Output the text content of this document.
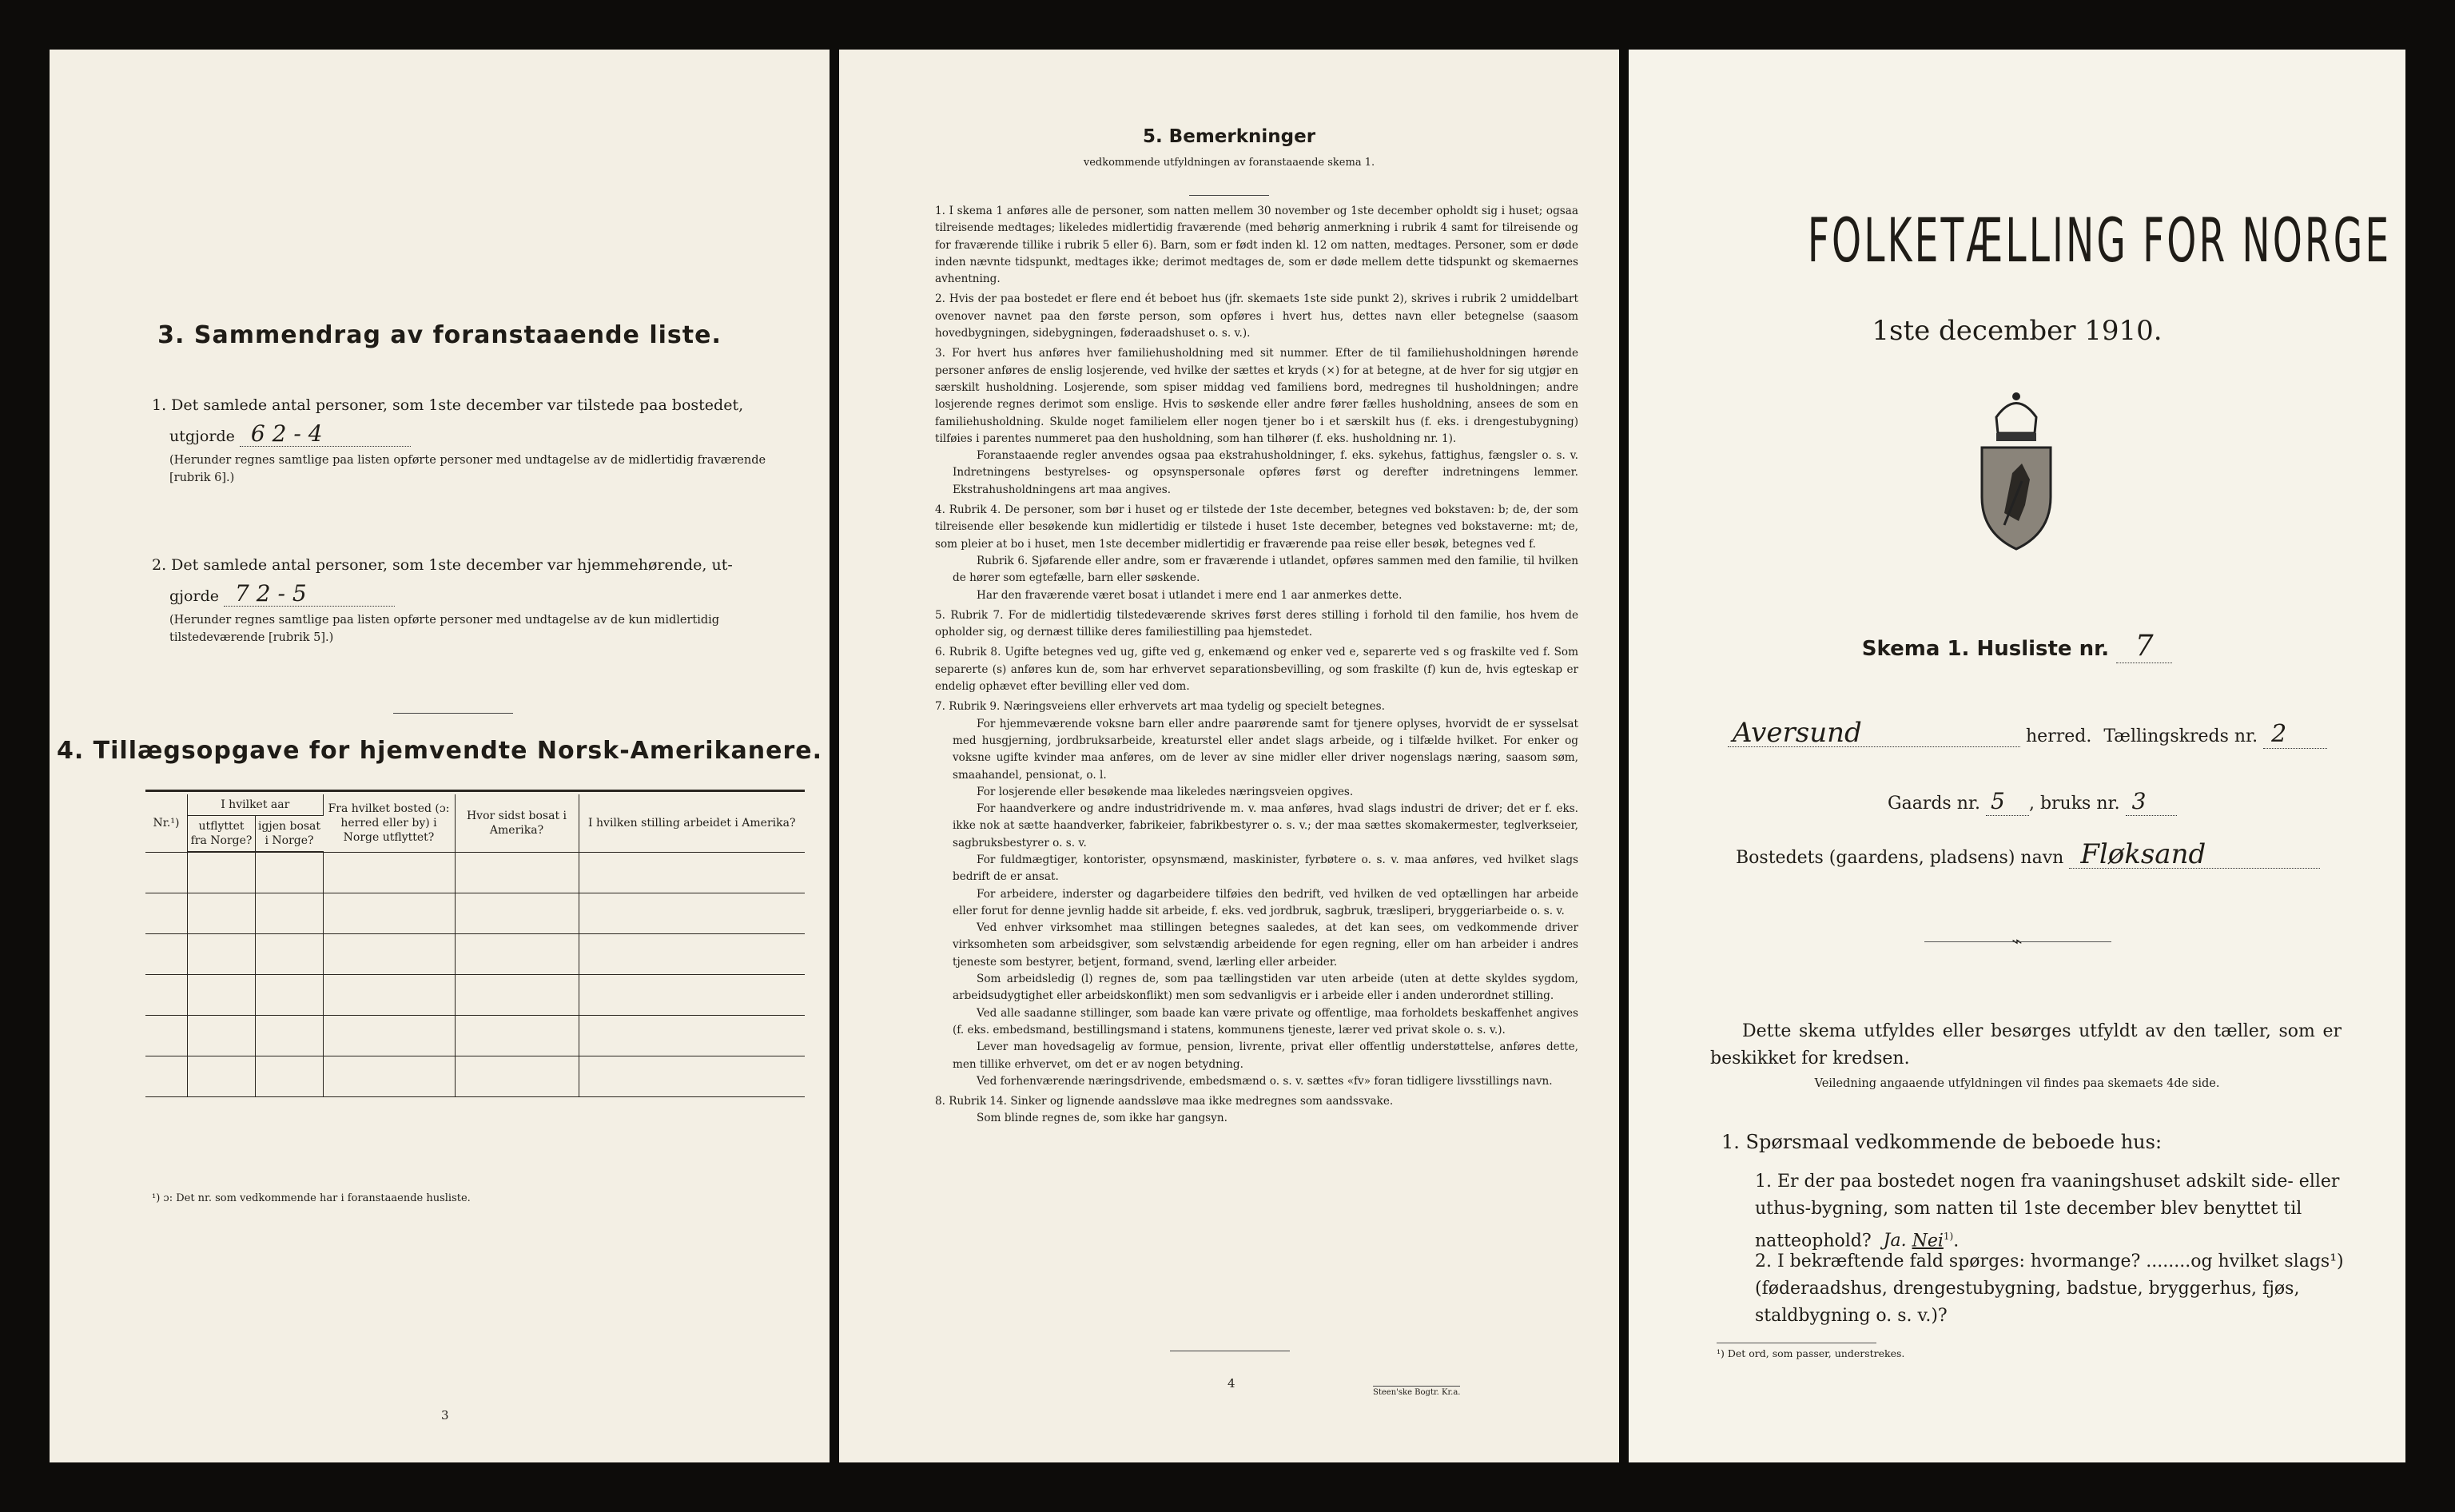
3. Sammendrag av foranstaaende liste.
1. Det samlede antal personer, som 1ste december var tilstede paa bostedet,
utgjorde 6 2 - 4
(Herunder regnes samtlige paa listen opførte personer med undtagelse av de midlertidig fraværende [rubrik 6].)
2. Det samlede antal personer, som 1ste december var hjemmehørende, ut-
gjorde 7 2 - 5
(Herunder regnes samtlige paa listen opførte personer med undtagelse av de kun midlertidig tilstedeværende [rubrik 5].)
4. Tillægsopgave for hjemvendte Norsk-Amerikanere.
Nr.¹)	I hvilket aar		Fra hvilket bosted (ɔ: herred eller by) i Norge utflyttet?	Hvor sidst bosat i Amerika?	I hvilken stilling arbeidet i Amerika?
	utflyttet fra Norge?	igjen bosat i Norge?			

¹) ɔ: Det nr. som vedkommende har i foranstaaende husliste.
3
5. Bemerkninger
vedkommende utfyldningen av foranstaaende skema 1.

1. I skema 1 anføres alle de personer, som natten mellem 30 november og 1ste december opholdt sig i huset; ogsaa tilreisende medtages; likeledes midlertidig fraværende (med behørig anmerkning i rubrik 4 samt for tilreisende og for fraværende tillike i rubrik 5 eller 6). Barn, som er født inden kl. 12 om natten, medtages. Personer, som er døde inden nævnte tidspunkt, medtages ikke; derimot medtages de, som er døde mellem dette tidspunkt og skemaernes avhentning.

2. Hvis der paa bostedet er flere end ét beboet hus (jfr. skemaets 1ste side punkt 2), skrives i rubrik 2 umiddelbart ovenover navnet paa den første person, som opføres i hvert hus, dettes navn eller betegnelse (saasom hovedbygningen, sidebygningen, føderaadshuset o. s. v.).

3. For hvert hus anføres hver familiehusholdning med sit nummer. Efter de til familiehusholdningen hørende personer anføres de enslig losjerende, ved hvilke der sættes et kryds (×) for at betegne, at de hver for sig utgjør en særskilt husholdning. Losjerende, som spiser middag ved familiens bord, medregnes til husholdningen; andre losjerende regnes derimot som enslige. Hvis to søskende eller andre fører fælles husholdning, ansees de som en familiehusholdning. Skulde noget familielem eller nogen tjener bo i et særskilt hus (f. eks. i drengestubygning) tilføies i parentes nummeret paa den husholdning, som han tilhører (f. eks. husholdning nr. 1).

Foranstaaende regler anvendes ogsaa paa ekstrahusholdninger, f. eks. sykehus, fattighus, fængsler o. s. v. Indretningens bestyrelses- og opsynspersonale opføres først og derefter indretningens lemmer. Ekstrahusholdningens art maa angives.

4. Rubrik 4. De personer, som bør i huset og er tilstede der 1ste december, betegnes ved bokstaven: b; de, der som tilreisende eller besøkende kun midlertidig er tilstede i huset 1ste december, betegnes ved bokstaverne: mt; de, som pleier at bo i huset, men 1ste december midlertidig er fraværende paa reise eller besøk, betegnes ved f.

Rubrik 6. Sjøfarende eller andre, som er fraværende i utlandet, opføres sammen med den familie, til hvilken de hører som egtefælle, barn eller søskende.

Har den fraværende været bosat i utlandet i mere end 1 aar anmerkes dette.

5. Rubrik 7. For de midlertidig tilstedeværende skrives først deres stilling i forhold til den familie, hos hvem de opholder sig, og dernæst tillike deres familiestilling paa hjemstedet.

6. Rubrik 8. Ugifte betegnes ved ug, gifte ved g, enkemænd og enker ved e, separerte ved s og fraskilte ved f. Som separerte (s) anføres kun de, som har erhvervet separationsbevilling, og som fraskilte (f) kun de, hvis egteskap er endelig ophævet efter bevilling eller ved dom.

7. Rubrik 9. Næringsveiens eller erhvervets art maa tydelig og specielt betegnes.

For hjemmeværende voksne barn eller andre paarørende samt for tjenere oplyses, hvorvidt de er sysselsat med husgjerning, jordbruksarbeide, kreaturstel eller andet slags arbeide, og i tilfælde hvilket. For enker og voksne ugifte kvinder maa anføres, om de lever av sine midler eller driver nogenslags næring, saasom søm, smaahandel, pensionat, o. l.

For losjerende eller besøkende maa likeledes næringsveien opgives.

For haandverkere og andre industridrivende m. v. maa anføres, hvad slags industri de driver; det er f. eks. ikke nok at sætte haandverker, fabrikeier, fabrikbestyrer o. s. v.; der maa sættes skomakermester, teglverkseier, sagbruksbestyrer o. s. v.

For fuldmægtiger, kontorister, opsynsmænd, maskinister, fyrbøtere o. s. v. maa anføres, ved hvilket slags bedrift de er ansat.

For arbeidere, inderster og dagarbeidere tilføies den bedrift, ved hvilken de ved optællingen har arbeide eller forut for denne jevnlig hadde sit arbeide, f. eks. ved jordbruk, sagbruk, træsliperi, bryggeriarbeide o. s. v.

Ved enhver virksomhet maa stillingen betegnes saaledes, at det kan sees, om vedkommende driver virksomheten som arbeidsgiver, som selvstændig arbeidende for egen regning, eller om han arbeider i andres tjeneste som bestyrer, betjent, formand, svend, lærling eller arbeider.

Som arbeidsledig (l) regnes de, som paa tællingstiden var uten arbeide (uten at dette skyldes sygdom, arbeidsudygtighet eller arbeidskonflikt) men som sedvanligvis er i arbeide eller i anden underordnet stilling.

Ved alle saadanne stillinger, som baade kan være private og offentlige, maa forholdets beskaffenhet angives (f. eks. embedsmand, bestillingsmand i statens, kommunens tjeneste, lærer ved privat skole o. s. v.).

Lever man hovedsagelig av formue, pension, livrente, privat eller offentlig understøttelse, anføres dette, men tillike erhvervet, om det er av nogen betydning.

Ved forhenværende næringsdrivende, embedsmænd o. s. v. sættes «fv» foran tidligere livsstillings navn.

8. Rubrik 14. Sinker og lignende aandssløve maa ikke medregnes som aandssvake.

Som blinde regnes de, som ikke har gangsyn.

4
Steen'ske Bogtr. Kr.a.
FOLKETÆLLING FOR NORGE
1ste december 1910.
Skema 1. Husliste nr. 7
Aversund	herred. Tællingskreds nr. 2
Gaards nr. 5 , bruks nr. 3
Bostedets (gaardens, pladsens) navn Fløksand
⌁
Dette skema utfyldes eller besørges utfyldt av den tæller, som er beskikket for kredsen.
Veiledning angaaende utfyldningen vil findes paa skemaets 4de side.
1. Spørsmaal vedkommende de beboede hus:
1. Er der paa bostedet nogen fra vaaningshuset adskilt side- eller uthus-bygning, som natten til 1ste december blev benyttet til natteophold? Ja. Nei$^{1)}$.
2. I bekræftende fald spørges: hvormange? ........og hvilket slags¹) (føderaadshus, drengestubygning, badstue, bryggerhus, fjøs, staldbygning o. s. v.)?
¹) Det ord, som passer, understrekes.
